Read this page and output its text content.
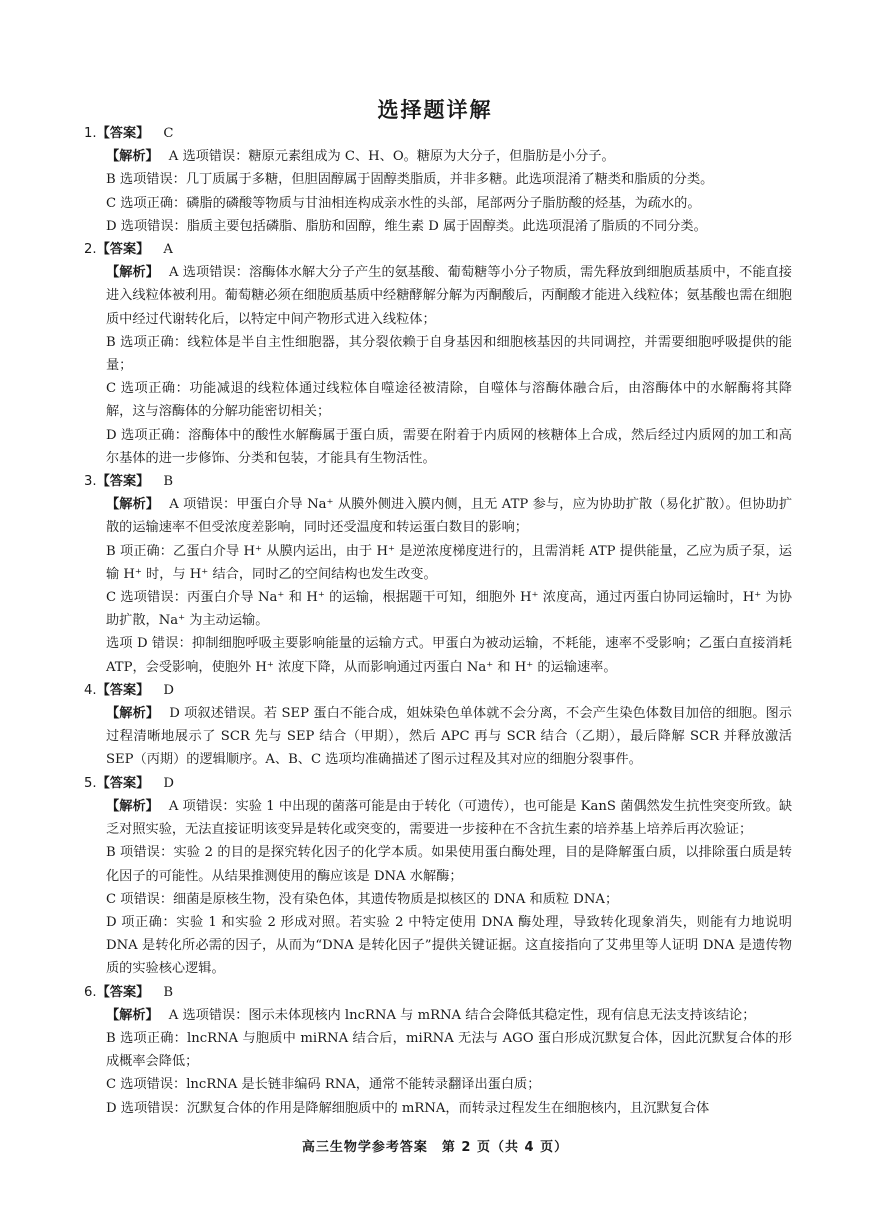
选择题详解

1.【答案】 C

【解析】 A 选项错误：糖原元素组成为 C、H、O。糖原为大分子，但脂肪是小分子。

B 选项错误：几丁质属于多糖，但胆固醇属于固醇类脂质，并非多糖。此选项混淆了糖类和脂质的分类。

C 选项正确：磷脂的磷酸等物质与甘油相连构成亲水性的头部，尾部两分子脂肪酸的烃基，为疏水的。

D 选项错误：脂质主要包括磷脂、脂肪和固醇，维生素 D 属于固醇类。此选项混淆了脂质的不同分类。

2.【答案】 A

【解析】 A 选项错误：溶酶体水解大分子产生的氨基酸、葡萄糖等小分子物质，需先释放到细胞质基质中，不能直接进入线粒体被利用。葡萄糖必须在细胞质基质中经糖酵解分解为丙酮酸后，丙酮酸才能进入线粒体；氨基酸也需在细胞质中经过代谢转化后，以特定中间产物形式进入线粒体；

B 选项正确：线粒体是半自主性细胞器，其分裂依赖于自身基因和细胞核基因的共同调控，并需要细胞呼吸提供的能量；

C 选项正确：功能减退的线粒体通过线粒体自噬途径被清除，自噬体与溶酶体融合后，由溶酶体中的水解酶将其降解，这与溶酶体的分解功能密切相关；

D 选项正确：溶酶体中的酸性水解酶属于蛋白质，需要在附着于内质网的核糖体上合成，然后经过内质网的加工和高尔基体的进一步修饰、分类和包装，才能具有生物活性。

3.【答案】 B

【解析】 A 项错误：甲蛋白介导 Na⁺ 从膜外侧进入膜内侧，且无 ATP 参与，应为协助扩散（易化扩散）。但协助扩散的运输速率不但受浓度差影响，同时还受温度和转运蛋白数目的影响；

B 项正确：乙蛋白介导 H⁺ 从膜内运出，由于 H⁺ 是逆浓度梯度进行的，且需消耗 ATP 提供能量，乙应为质子泵，运输 H⁺ 时，与 H⁺ 结合，同时乙的空间结构也发生改变。

C 选项错误：丙蛋白介导 Na⁺ 和 H⁺ 的运输，根据题干可知，细胞外 H⁺ 浓度高，通过丙蛋白协同运输时，H⁺ 为协助扩散，Na⁺ 为主动运输。

选项 D 错误：抑制细胞呼吸主要影响能量的运输方式。甲蛋白为被动运输，不耗能，速率不受影响；乙蛋白直接消耗 ATP，会受影响，使胞外 H⁺ 浓度下降，从而影响通过丙蛋白 Na⁺ 和 H⁺ 的运输速率。

4.【答案】 D

【解析】 D 项叙述错误。若 SEP 蛋白不能合成，姐妹染色单体就不会分离，不会产生染色体数目加倍的细胞。图示过程清晰地展示了 SCR 先与 SEP 结合（甲期），然后 APC 再与 SCR 结合（乙期），最后降解 SCR 并释放激活 SEP（丙期）的逻辑顺序。A、B、C 选项均准确描述了图示过程及其对应的细胞分裂事件。

5.【答案】 D

【解析】 A 项错误：实验 1 中出现的菌落可能是由于转化（可遗传），也可能是 KanS 菌偶然发生抗性突变所致。缺乏对照实验，无法直接证明该变异是转化或突变的，需要进一步接种在不含抗生素的培养基上培养后再次验证；

B 项错误：实验 2 的目的是探究转化因子的化学本质。如果使用蛋白酶处理，目的是降解蛋白质，以排除蛋白质是转化因子的可能性。从结果推测使用的酶应该是 DNA 水解酶；

C 项错误：细菌是原核生物，没有染色体，其遗传物质是拟核区的 DNA 和质粒 DNA；

D 项正确：实验 1 和实验 2 形成对照。若实验 2 中特定使用 DNA 酶处理，导致转化现象消失，则能有力地说明 DNA 是转化所必需的因子，从而为“DNA 是转化因子”提供关键证据。这直接指向了艾弗里等人证明 DNA 是遗传物质的实验核心逻辑。

6.【答案】 B

【解析】 A 选项错误：图示未体现核内 lncRNA 与 mRNA 结合会降低其稳定性，现有信息无法支持该结论；

B 选项正确：lncRNA 与胞质中 miRNA 结合后，miRNA 无法与 AGO 蛋白形成沉默复合体，因此沉默复合体的形成概率会降低；

C 选项错误：lncRNA 是长链非编码 RNA，通常不能转录翻译出蛋白质；

D 选项错误：沉默复合体的作用是降解细胞质中的 mRNA，而转录过程发生在细胞核内，且沉默复合体

高三生物学参考答案　第 2 页（共 4 页）
